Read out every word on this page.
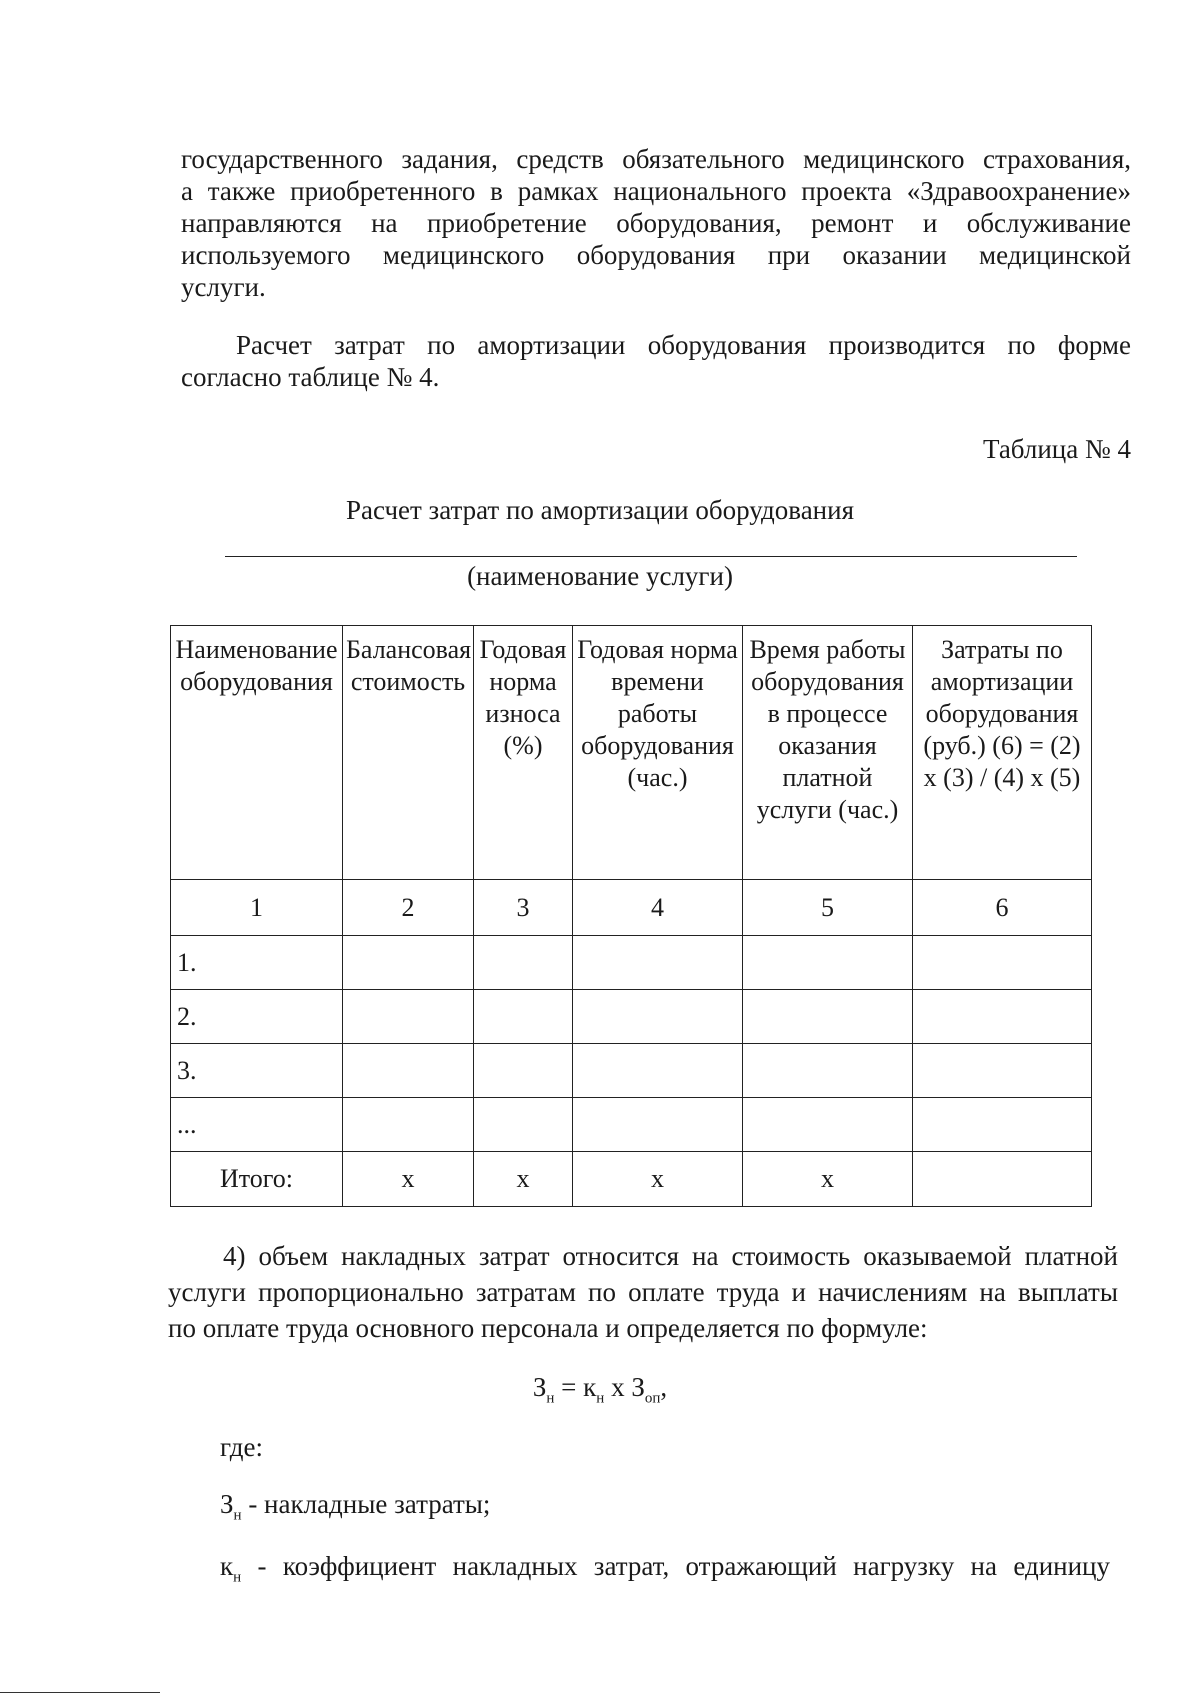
государственного задания, средств обязательного медицинского страхования,
а также приобретенного в рамках национального проекта «Здравоохранение»
направляются на приобретение оборудования, ремонт и обслуживание
используемого медицинского оборудования при оказании медицинской
услуги.
Расчет затрат по амортизации оборудования производится по форме
согласно таблице № 4.
Таблица № 4
Расчет затрат по амортизации оборудования
(наименование услуги)
Наименование оборудования	Балансовая стоимость	Годовая норма износа (%)	Годовая норма времени работы оборудования (час.)	Время работы оборудования в процессе оказания платной услуги (час.)	Затраты по амортизации оборудования (руб.) (6) = (2) х (3) / (4) х (5)
1	2	3	4	5	6
1.					
2.					
3.					
...					
Итого:	х	х	х	х	
4) объем накладных затрат относится на стоимость оказываемой платной
услуги пропорционально затратам по оплате труда и начислениям на выплаты
по оплате труда основного персонала и определяется по формуле:
$З_н = к_н$ х $З_{оп}$,
где:
$З_н$ - накладные затраты;
$к_н$ - коэффициент накладных затрат, отражающий нагрузку на единицу
